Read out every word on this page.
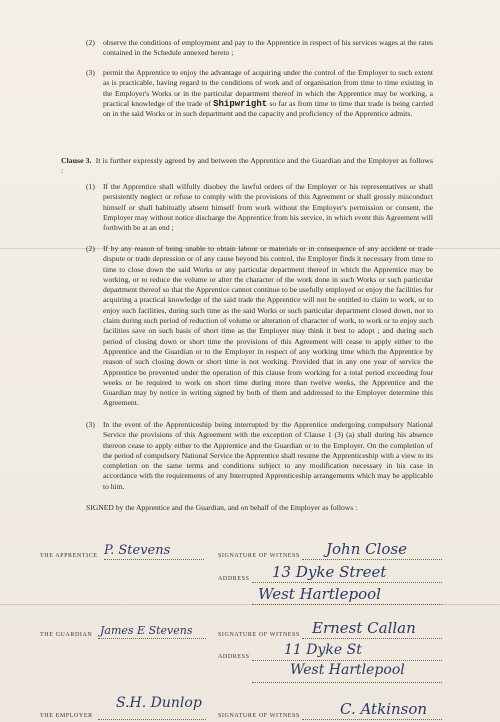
(2) observe the conditions of employment and pay to the Apprentice in respect of his services wages at the rates contained in the Schedule annexed hereto ;

(3) permit the Apprentice to enjoy the advantage of acquiring under the control of the Employer to such extent as is practicable, having regard to the conditions of work and of organisation from time to time existing in the Employer's Works or in the particular department thereof in which the Apprentice may be working, a practical knowledge of the trade of Shipwright so far as from time to time that trade is being carried on in the said Works or in such department and the capacity and proficiency of the Apprentice admits.

Clause 3. It is further expressly agreed by and between the Apprentice and the Guardian and the Employer as follows :

(1) If the Apprentice shall wilfully disobey the lawful orders of the Employer or his representatives or shall persistently neglect or refuse to comply with the provisions of this Agreement or shall grossly misconduct himself or shall habitually absent himself from work without the Employer's permission or consent, the Employer may without notice discharge the Apprentice from his service, in which event this Agreement will forthwith be at an end ;

(2) If by any reason of being unable to obtain labour or materials or in consequence of any accident or trade dispute or trade depression or of any cause beyond his control, the Employer finds it necessary from time to time to close down the said Works or any particular department thereof in which the Apprentice may be working, or to reduce the volume or alter the character of the work done in such Works or such particular department thereof so that the Apprentice cannot continue to be usefully employed or enjoy the facilities for acquiring a practical knowledge of the said trade the Apprentice will not be entitled to claim to work, or to enjoy such facilities, during such time as the said Works or such particular department closed down, nor to claim during such period of reduction of volume or alteration of character of work, to work or to enjoy such facilities save on such basis of short time as the Employer may think it best to adopt ; and during such period of closing down or short time the provisions of this Agreement will cease to apply either to the Apprentice and the Guardian or to the Employer in respect of any working time which the Apprentice by reason of such closing down or short time is not working. Provided that in any one year of service the Apprentice be prevented under the operation of this clause from working for a total period exceeding four weeks or be required to work on short time during more than twelve weeks, the Apprentice and the Guardian may by notice in writing signed by both of them and addressed to the Employer determine this Agreement.

(3) In the event of the Apprenticeship being interrupted by the Apprentice undergoing compulsory National Service the provisions of this Agreement with the exception of Clause 1 (3) (a) shall during his absence thereon cease to apply either to the Apprentice and the Guardian or to the Employer. On the completion of the period of compulsory National Service the Apprentice shall resume the Apprenticeship with a view to its completion on the same terms and conditions subject to any modification necessary in his case in accordance with the requirements of any Interrupted Apprenticeship arrangements which may be applicable to him.

SIGNED by the Apprentice and the Guardian, and on behalf of the Employer as follows :

THE APPRENTICE P. Stevens	SIGNATURE OF WITNESS John Close
ADDRESS 13 Dyke Street
West Hartlepool
THE GUARDIAN James E Stevens	SIGNATURE OF WITNESS Ernest Callan
ADDRESS 11 Dyke St
West Hartlepool
THE EMPLOYER
S.H. Dunlop
SIGNATURE OF WITNESS	C. Atkinson
